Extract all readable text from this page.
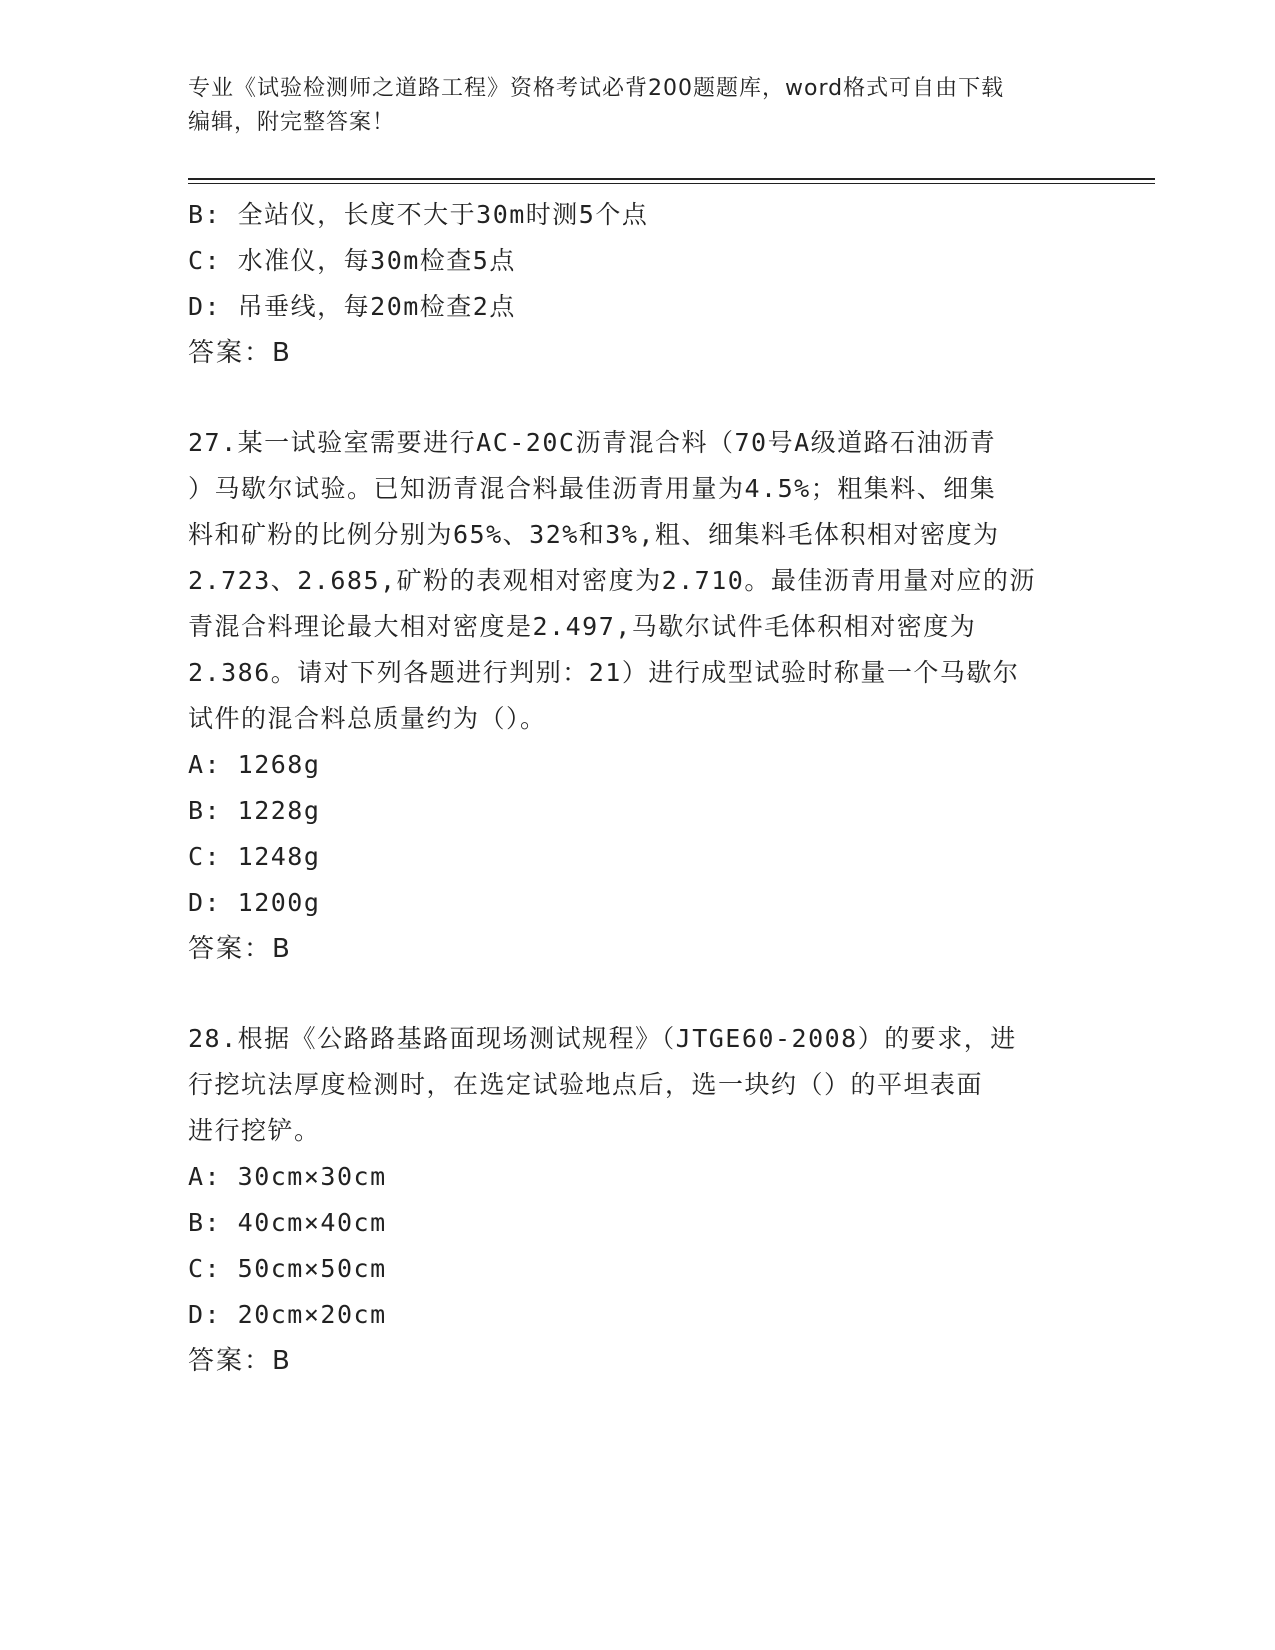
专业《试验检测师之道路工程》资格考试必背200题题库，word格式可自由下载
编辑，附完整答案！
B: 全站仪，长度不大于30m时测5个点
C: 水准仪，每30m检查5点
D: 吊垂线，每20m检查2点
答案：B
27.某一试验室需要进行AC-20C沥青混合料（70号A级道路石油沥青
）马歇尔试验。已知沥青混合料最佳沥青用量为4.5%；粗集料、细集
料和矿粉的比例分别为65%、32%和3%,粗、细集料毛体积相对密度为
2.723、2.685,矿粉的表观相对密度为2.710。最佳沥青用量对应的沥
青混合料理论最大相对密度是2.497,马歇尔试件毛体积相对密度为
2.386。请对下列各题进行判别：21）进行成型试验时称量一个马歇尔
试件的混合料总质量约为（）。
A: 1268g
B: 1228g
C: 1248g
D: 1200g
答案：B
28.根据《公路路基路面现场测试规程》（JTGE60-2008）的要求，进
行挖坑法厚度检测时，在选定试验地点后，选一块约（）的平坦表面
进行挖铲。
A: 30cm×30cm
B: 40cm×40cm
C: 50cm×50cm
D: 20cm×20cm
答案：B
